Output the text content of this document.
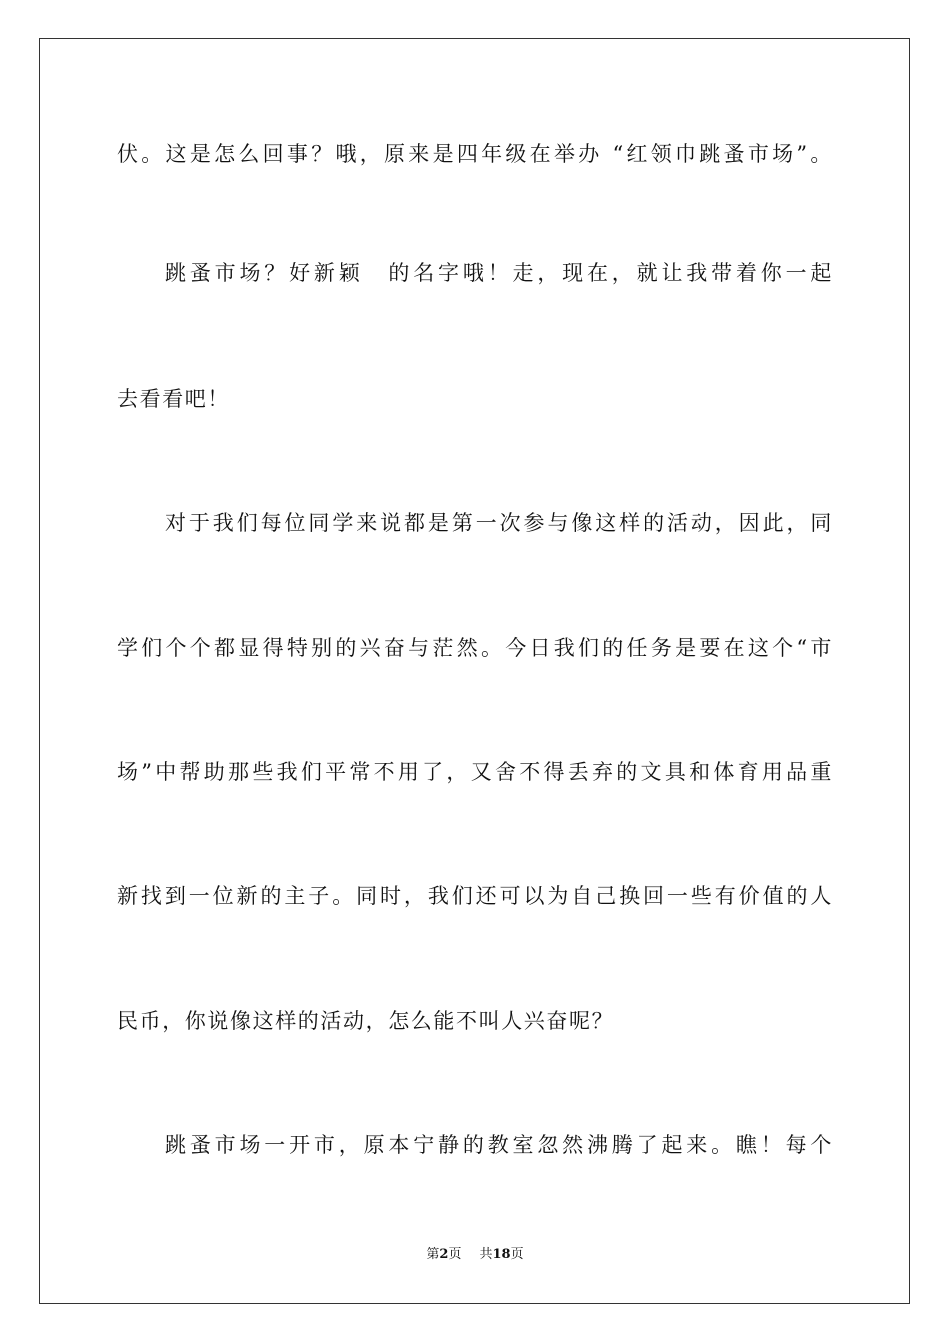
伏。这是怎么回事？哦，原来是四年级在举办 “红领巾跳蚤市场”。
跳蚤市场？好新颖　的名字哦！走，现在，就让我带着你一起
去看看吧！
对于我们每位同学来说都是第一次参与像这样的活动，因此，同
学们个个都显得特别的兴奋与茫然。今日我们的任务是要在这个“市
场”中帮助那些我们平常不用了，又舍不得丢弃的文具和体育用品重
新找到一位新的主子。同时，我们还可以为自己换回一些有价值的人
民币，你说像这样的活动，怎么能不叫人兴奋呢？
跳蚤市场一开市，原本宁静的教室忽然沸腾了起来。瞧！每个
第2页 共18页
